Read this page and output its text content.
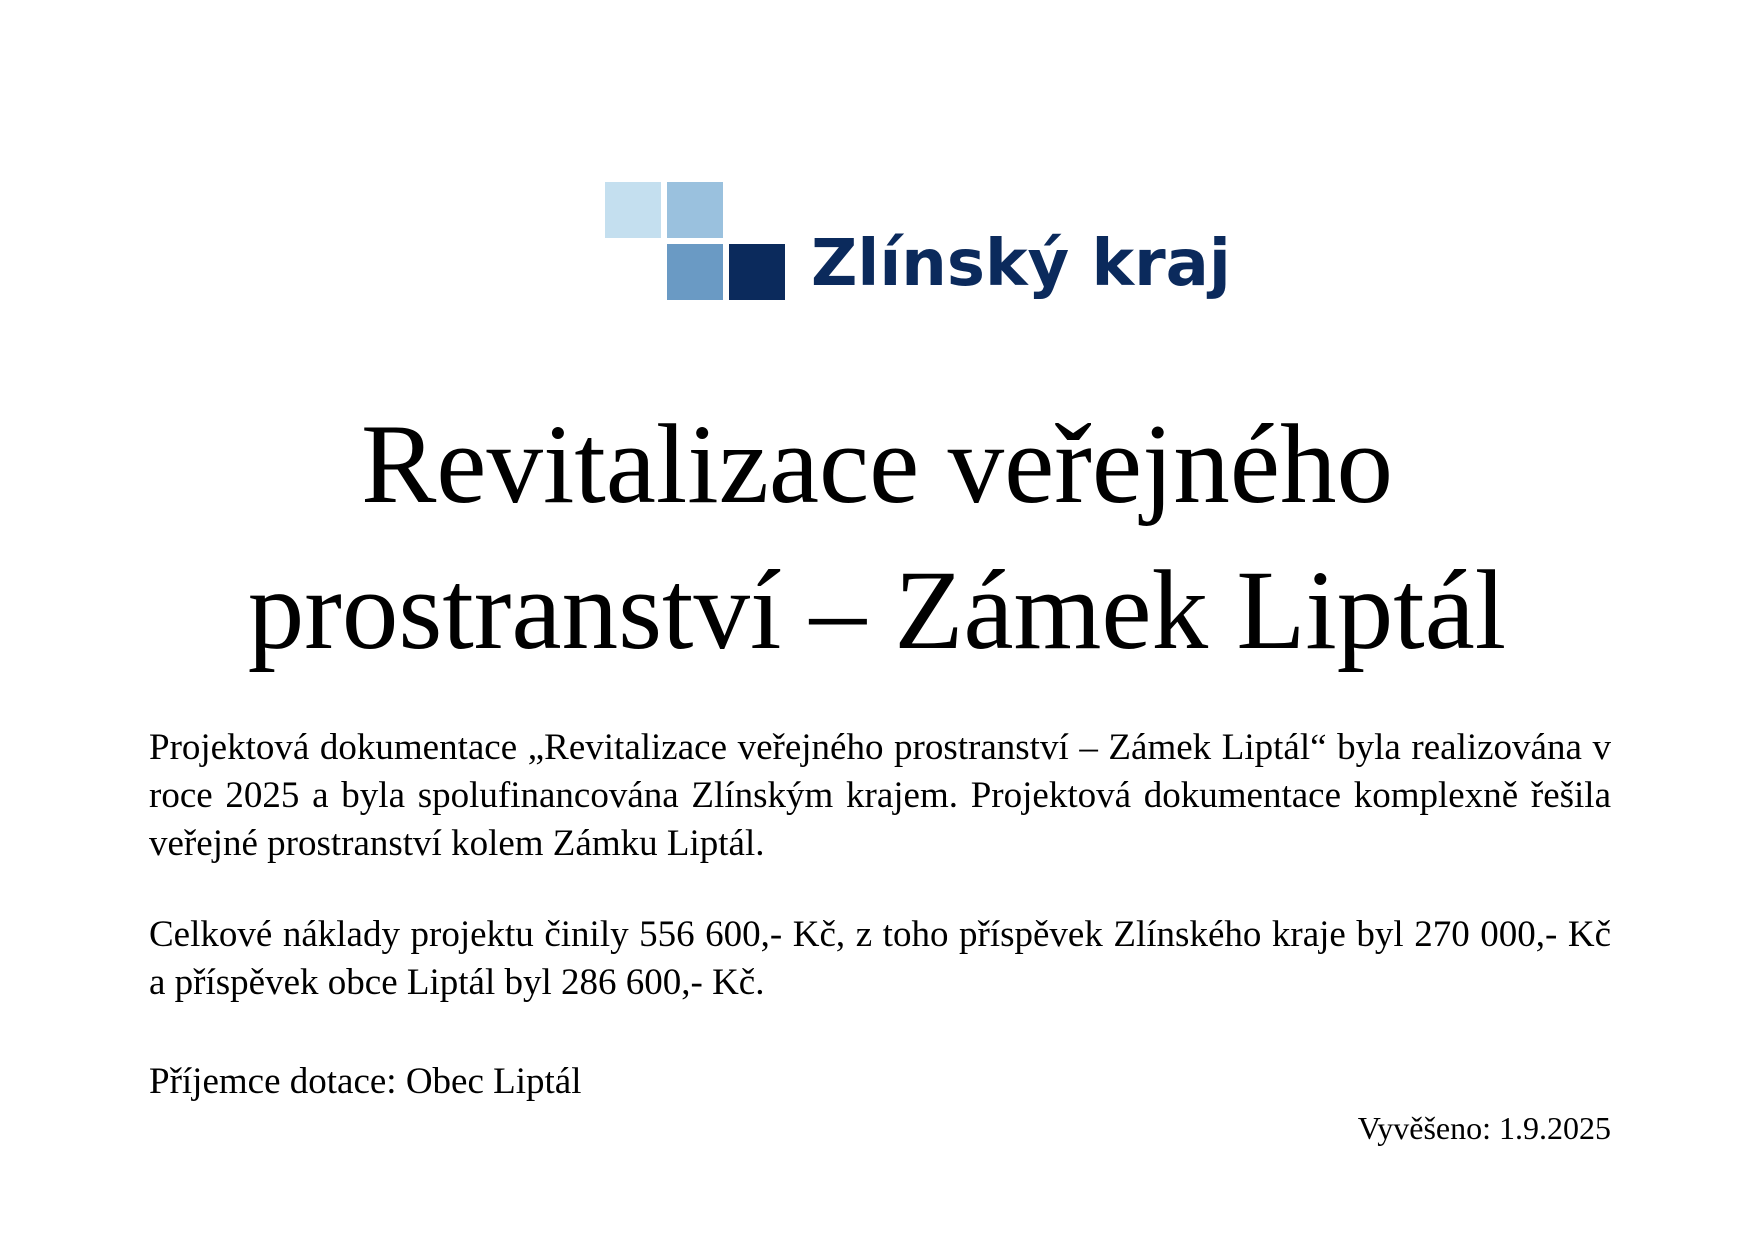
Zlínský kraj
Revitalizace veřejného
prostranství – Zámek Liptál

Projektová dokumentace „Revitalizace veřejného prostranství – Zámek Liptál“ byla realizována v roce 2025 a byla spolufinancována Zlínským krajem. Projektová dokumentace komplexně řešila veřejné prostranství kolem Zámku Liptál.

Celkové náklady projektu činily 556 600,- Kč, z toho příspěvek Zlínského kraje byl 270 000,- Kč a příspěvek obce Liptál byl 286 600,- Kč.

Příjemce dotace: Obec Liptál

Vyvěšeno: 1.9.2025
